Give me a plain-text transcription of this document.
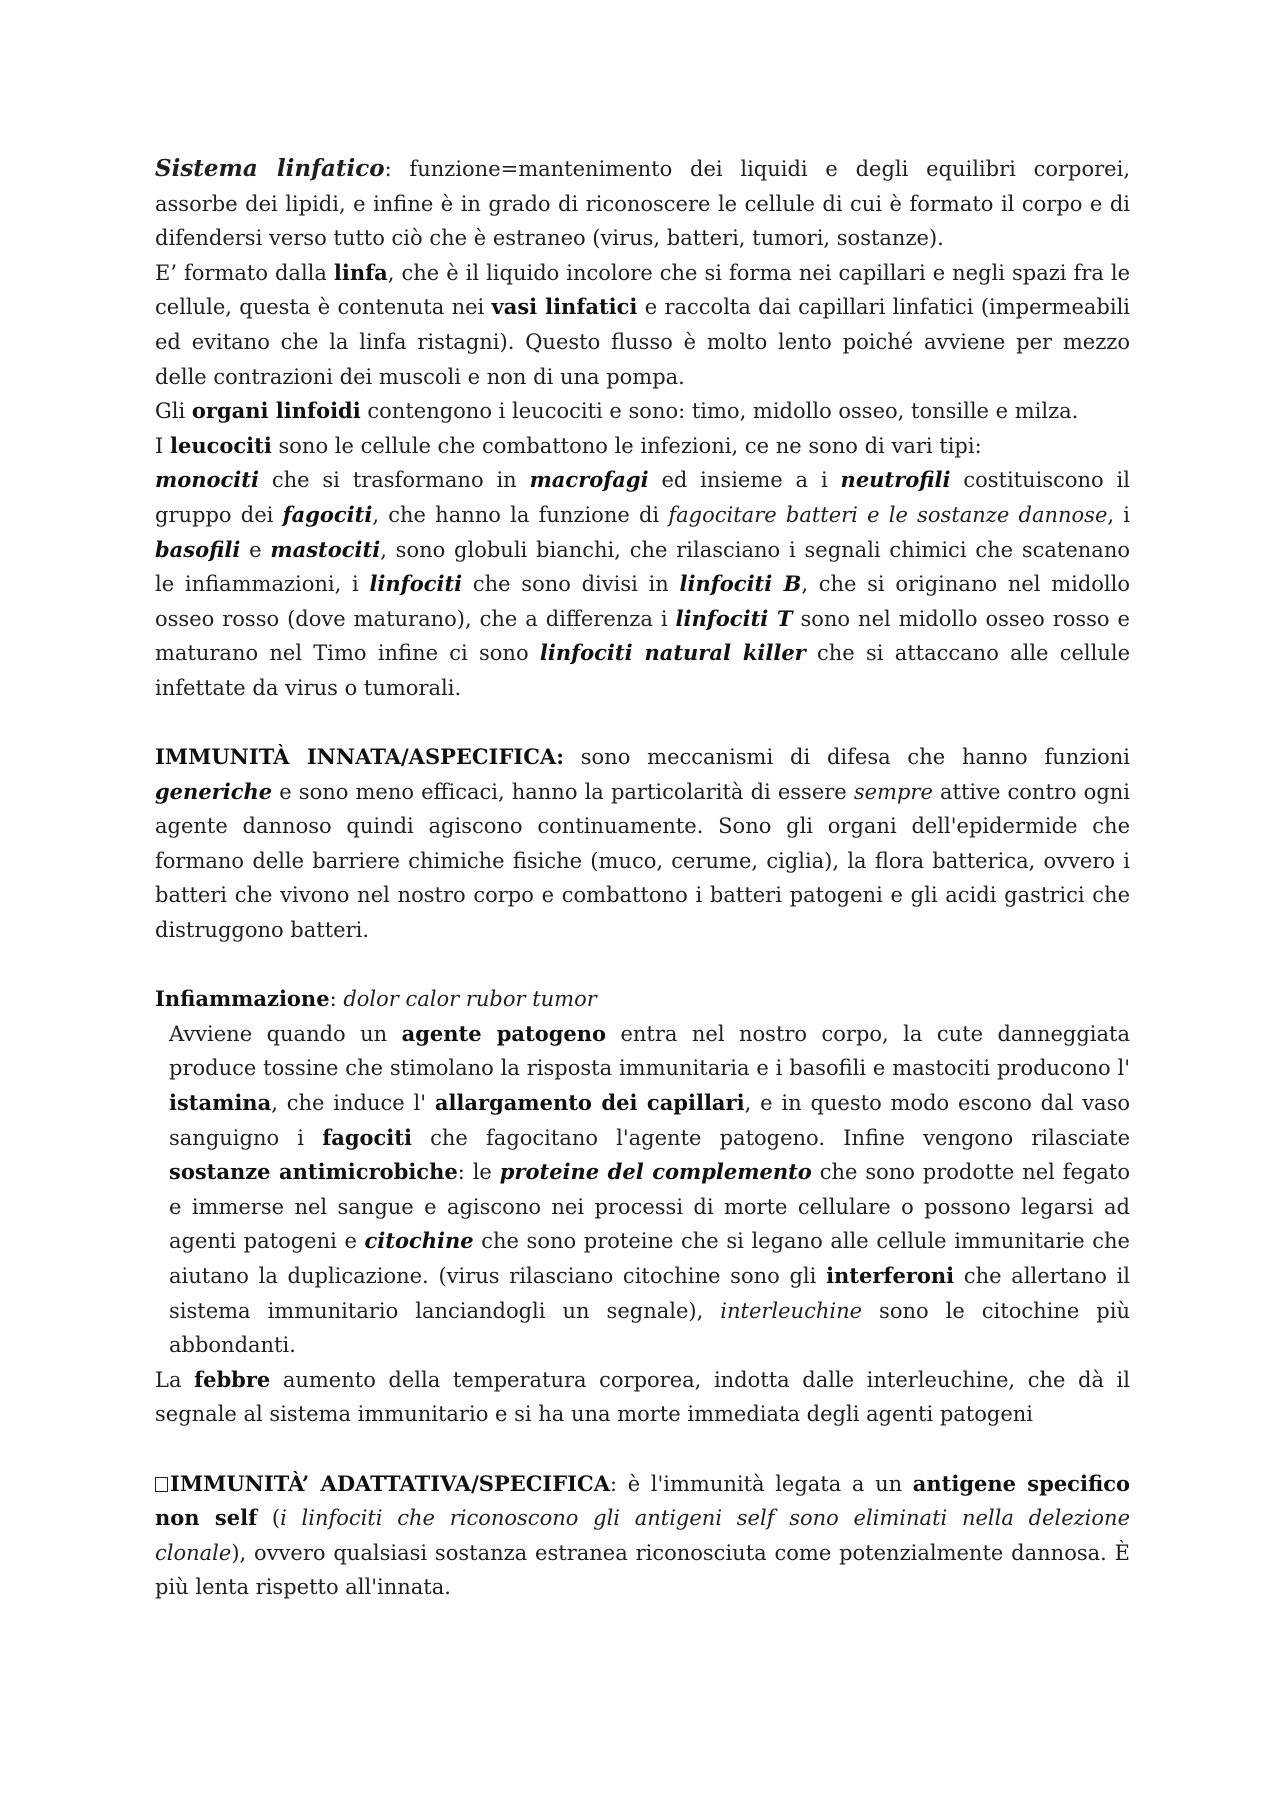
Sistema linfatico: funzione=mantenimento dei liquidi e degli equilibri corporei, assorbe dei lipidi, e infine è in grado di riconoscere le cellule di cui è formato il corpo e di difendersi verso tutto ciò che è estraneo (virus, batteri, tumori, sostanze).

E’ formato dalla linfa, che è il liquido incolore che si forma nei capillari e negli spazi fra le cellule, questa è contenuta nei vasi linfatici e raccolta dai capillari linfatici (impermeabili ed evitano che la linfa ristagni). Questo flusso è molto lento poiché avviene per mezzo delle contrazioni dei muscoli e non di una pompa.

Gli organi linfoidi contengono i leucociti e sono: timo, midollo osseo, tonsille e milza.

I leucociti sono le cellule che combattono le infezioni, ce ne sono di vari tipi:

monociti che si trasformano in macrofagi ed insieme a i neutrofili costituiscono il gruppo dei fagociti, che hanno la funzione di fagocitare batteri e le sostanze dannose, i basofili e mastociti, sono globuli bianchi, che rilasciano i segnali chimici che scatenano le infiammazioni, i linfociti che sono divisi in linfociti B, che si originano nel midollo osseo rosso (dove maturano), che a differenza i linfociti T sono nel midollo osseo rosso e maturano nel Timo infine ci sono linfociti natural killer che si attaccano alle cellule infettate da virus o tumorali.

IMMUNITÀ INNATA/ASPECIFICA: sono meccanismi di difesa che hanno funzioni generiche e sono meno efficaci, hanno la particolarità di essere sempre attive contro ogni agente dannoso quindi agiscono continuamente. Sono gli organi dell'epidermide che formano delle barriere chimiche fisiche (muco, cerume, ciglia), la flora batterica, ovvero i batteri che vivono nel nostro corpo e combattono i batteri patogeni e gli acidi gastrici che distruggono batteri.

Infiammazione: dolor calor rubor tumor

Avviene quando un agente patogeno entra nel nostro corpo, la cute danneggiata produce tossine che stimolano la risposta immunitaria e i basofili e mastociti producono l' istamina, che induce l' allargamento dei capillari, e in questo modo escono dal vaso sanguigno i fagociti che fagocitano l'agente patogeno. Infine vengono rilasciate sostanze antimicrobiche: le proteine del complemento che sono prodotte nel fegato e immerse nel sangue e agiscono nei processi di morte cellulare o possono legarsi ad agenti patogeni e citochine che sono proteine che si legano alle cellule immunitarie che aiutano la duplicazione. (virus rilasciano citochine sono gli interferoni che allertano il sistema immunitario lanciandogli un segnale), interleuchine sono le citochine più abbondanti.

La febbre aumento della temperatura corporea, indotta dalle interleuchine, che dà il segnale al sistema immunitario e si ha una morte immediata degli agenti patogeni

IMMUNITÀ’ ADATTATIVA/SPECIFICA: è l'immunità legata a un antigene specifico non self (i linfociti che riconoscono gli antigeni self sono eliminati nella delezione clonale), ovvero qualsiasi sostanza estranea riconosciuta come potenzialmente dannosa. È più lenta rispetto all'innata.
